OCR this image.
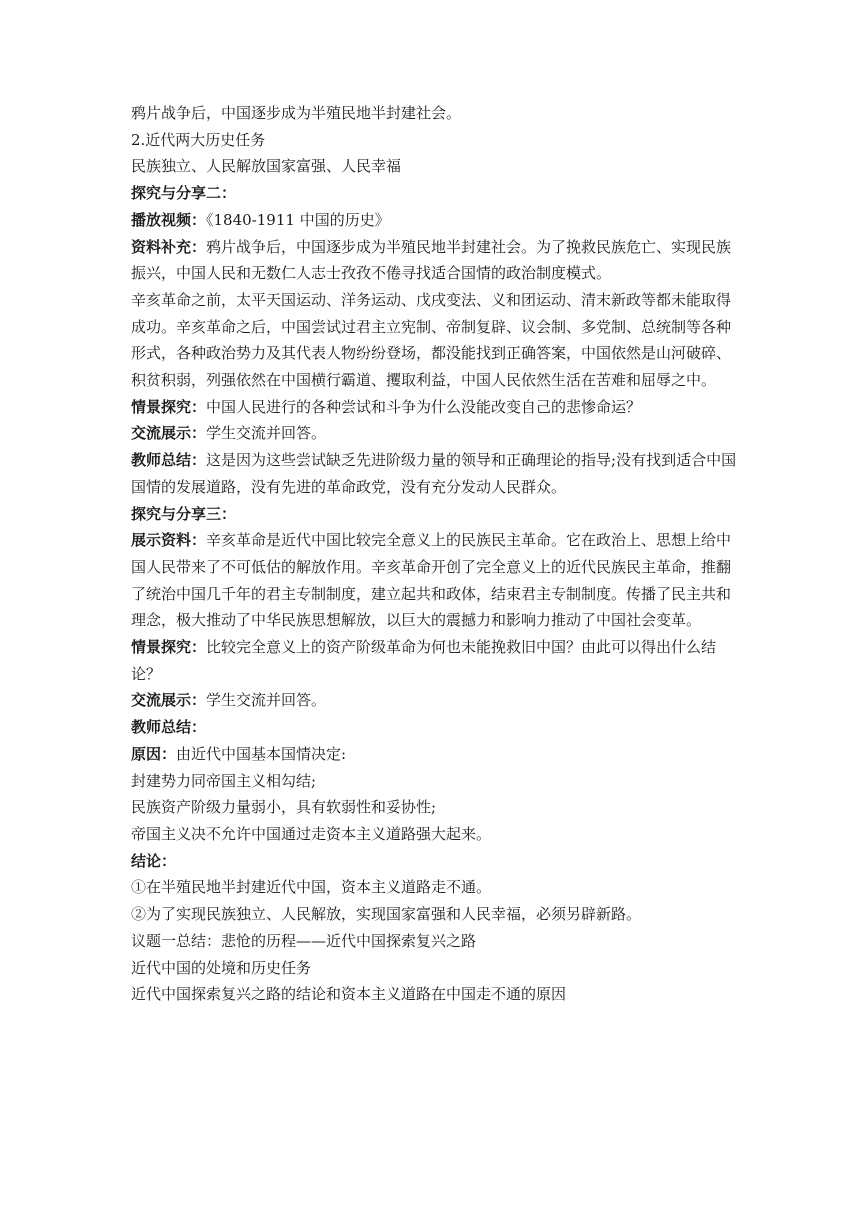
鸦片战争后，中国逐步成为半殖民地半封建社会。
2.近代两大历史任务
民族独立、人民解放国家富强、人民幸福
探究与分享二：
播放视频：《1840-1911 中国的历史》
资料补充：鸦片战争后，中国逐步成为半殖民地半封建社会。为了挽救民族危亡、实现民族振兴，中国人民和无数仁人志士孜孜不倦寻找适合国情的政治制度模式。
辛亥革命之前，太平天国运动、洋务运动、戊戌变法、义和团运动、清末新政等都未能取得成功。辛亥革命之后，中国尝试过君主立宪制、帝制复辟、议会制、多党制、总统制等各种形式，各种政治势力及其代表人物纷纷登场，都没能找到正确答案，中国依然是山河破碎、积贫积弱，列强依然在中国横行霸道、攫取利益，中国人民依然生活在苦难和屈辱之中。
情景探究：中国人民进行的各种尝试和斗争为什么没能改变自己的悲惨命运？
交流展示：学生交流并回答。
教师总结：这是因为这些尝试缺乏先进阶级力量的领导和正确理论的指导;没有找到适合中国国情的发展道路，没有先进的革命政党，没有充分发动人民群众。
探究与分享三：
展示资料：辛亥革命是近代中国比较完全意义上的民族民主革命。它在政治上、思想上给中国人民带来了不可低估的解放作用。辛亥革命开创了完全意义上的近代民族民主革命，推翻了统治中国几千年的君主专制制度，建立起共和政体，结束君主专制制度。传播了民主共和理念，极大推动了中华民族思想解放，以巨大的震撼力和影响力推动了中国社会变革。
情景探究：比较完全意义上的资产阶级革命为何也未能挽救旧中国？由此可以得出什么结论？
交流展示：学生交流并回答。
教师总结：
原因：由近代中国基本国情决定:
封建势力同帝国主义相勾结;
民族资产阶级力量弱小，具有软弱性和妥协性;
帝国主义决不允许中国通过走资本主义道路强大起来。
结论：
①在半殖民地半封建近代中国，资本主义道路走不通。
②为了实现民族独立、人民解放，实现国家富强和人民幸福，必须另辟新路。
议题一总结：悲怆的历程——近代中国探索复兴之路
近代中国的处境和历史任务
近代中国探索复兴之路的结论和资本主义道路在中国走不通的原因
